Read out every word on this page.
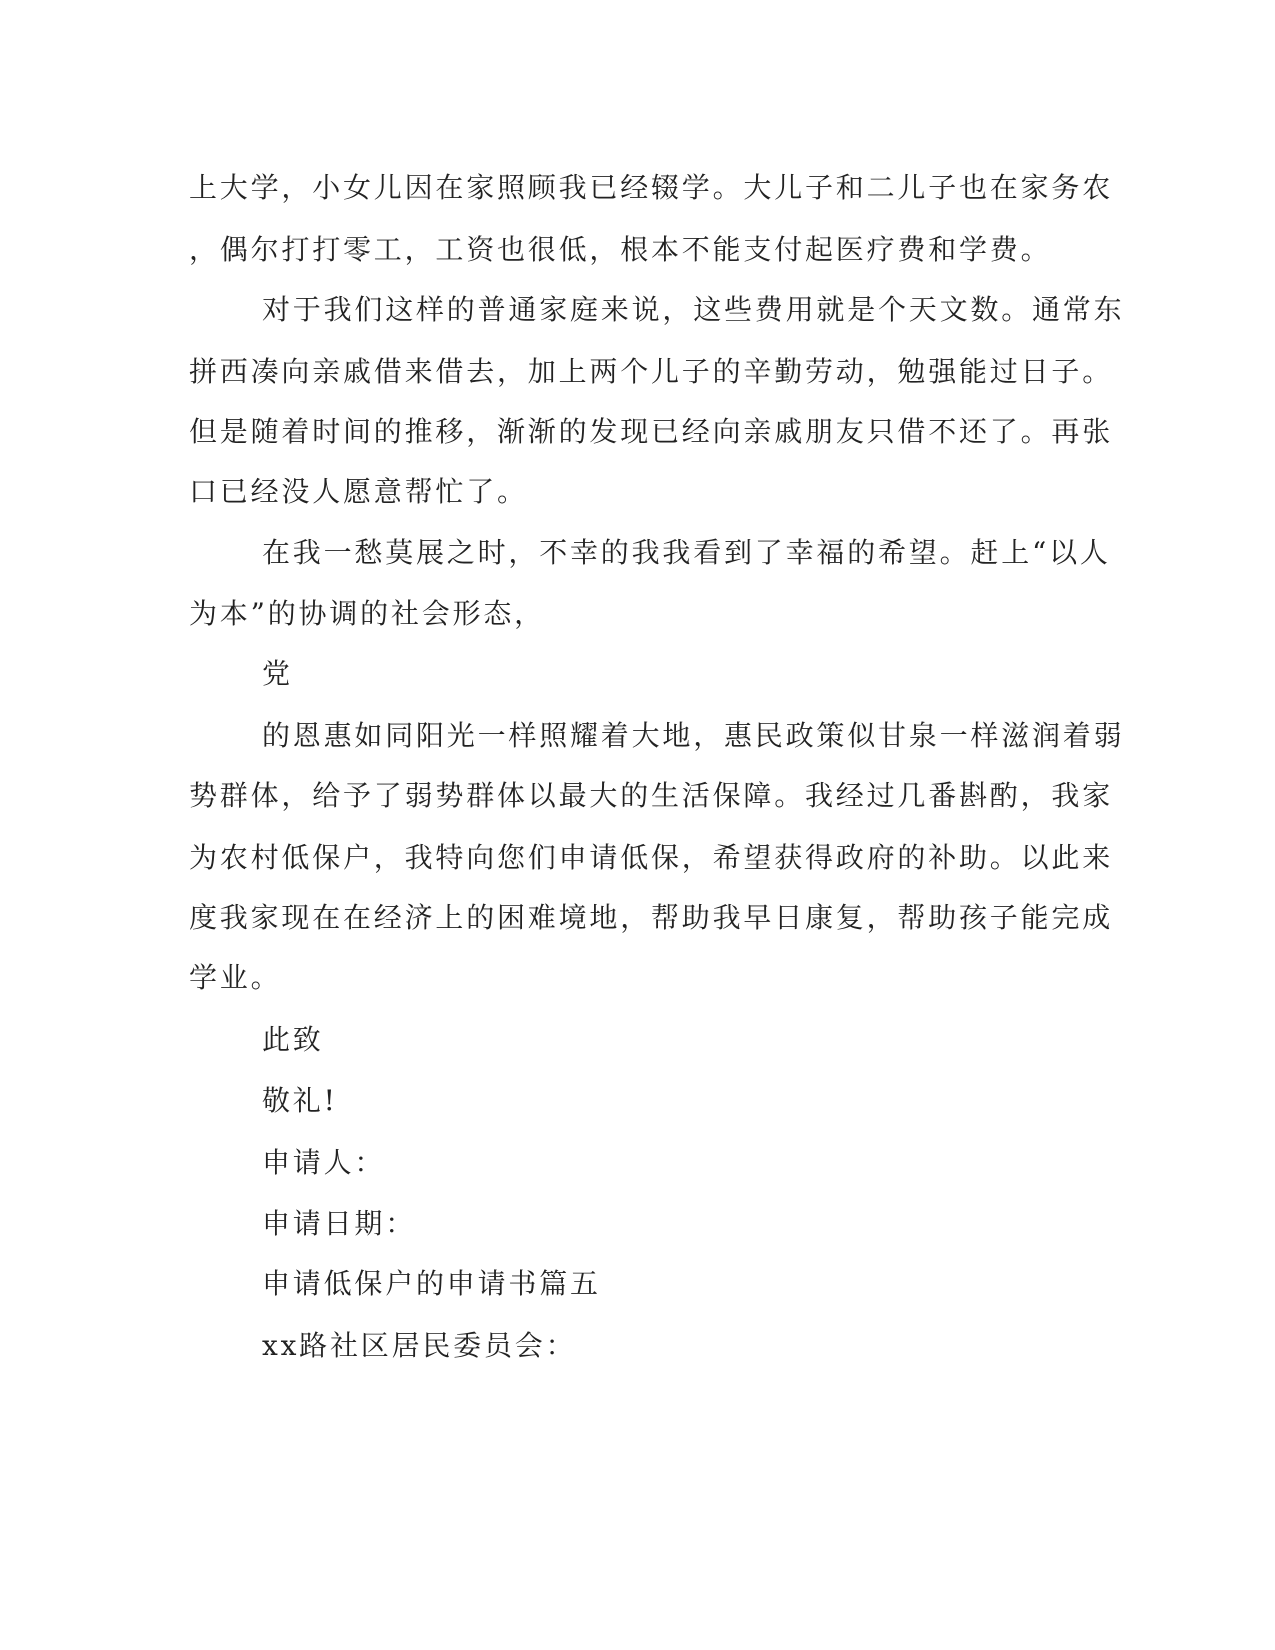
上大学，小女儿因在家照顾我已经辍学。大儿子和二儿子也在家务农
，偶尔打打零工，工资也很低，根本不能支付起医疗费和学费。
对于我们这样的普通家庭来说，这些费用就是个天文数。通常东
拼西凑向亲戚借来借去，加上两个儿子的辛勤劳动，勉强能过日子。
但是随着时间的推移，渐渐的发现已经向亲戚朋友只借不还了。再张
口已经没人愿意帮忙了。
在我一愁莫展之时，不幸的我我看到了幸福的希望。赶上“以人
为本”的协调的社会形态，
党
的恩惠如同阳光一样照耀着大地，惠民政策似甘泉一样滋润着弱
势群体，给予了弱势群体以最大的生活保障。我经过几番斟酌，我家
为农村低保户，我特向您们申请低保，希望获得政府的补助。以此来
度我家现在在经济上的困难境地，帮助我早日康复，帮助孩子能完成
学业。
此致
敬礼!
申请人：
申请日期：
申请低保户的申请书篇五
xx路社区居民委员会：
